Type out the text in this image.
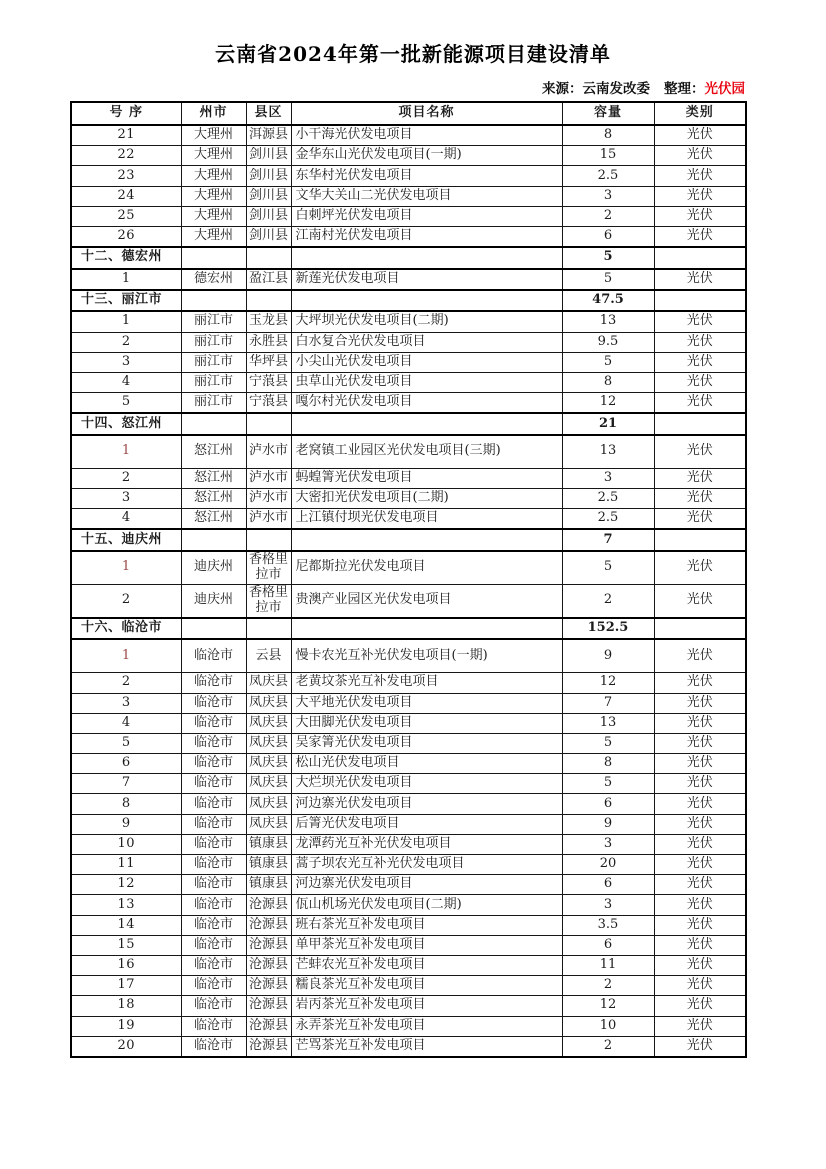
云南省2024年第一批新能源项目建设清单
来源：云南发改委 整理：光伏园
号 序	州市	县区	项目名称	容量	类别
21	大理州	洱源县	小干海光伏发电项目	8	光伏
22	大理州	剑川县	金华东山光伏发电项目(一期)	15	光伏
23	大理州	剑川县	东华村光伏发电项目	2.5	光伏
24	大理州	剑川县	文华大关山二光伏发电项目	3	光伏
25	大理州	剑川县	白刺坪光伏发电项目	2	光伏
26	大理州	剑川县	江南村光伏发电项目	6	光伏
十二、德宏州				5	
1	德宏州	盈江县	新莲光伏发电项目	5	光伏
十三、丽江市				47.5	
1	丽江市	玉龙县	大坪坝光伏发电项目(二期)	13	光伏
2	丽江市	永胜县	白水复合光伏发电项目	9.5	光伏
3	丽江市	华坪县	小尖山光伏发电项目	5	光伏
4	丽江市	宁蒗县	虫草山光伏发电项目	8	光伏
5	丽江市	宁蒗县	嘎尔村光伏发电项目	12	光伏
十四、怒江州				21	
1	怒江州	泸水市	老窝镇工业园区光伏发电项目(三期)	13	光伏
2	怒江州	泸水市	蚂蝗箐光伏发电项目	3	光伏
3	怒江州	泸水市	大密扣光伏发电项目(二期)	2.5	光伏
4	怒江州	泸水市	上江镇付坝光伏发电项目	2.5	光伏
十五、迪庆州				7	
1	迪庆州	香格里拉市	尼都斯拉光伏发电项目	5	光伏
2	迪庆州	香格里拉市	贵澳产业园区光伏发电项目	2	光伏
十六、临沧市				152.5	
1	临沧市	云县	慢卡农光互补光伏发电项目(一期)	9	光伏
2	临沧市	凤庆县	老黄坟茶光互补发电项目	12	光伏
3	临沧市	凤庆县	大平地光伏发电项目	7	光伏
4	临沧市	凤庆县	大田脚光伏发电项目	13	光伏
5	临沧市	凤庆县	吴家箐光伏发电项目	5	光伏
6	临沧市	凤庆县	松山光伏发电项目	8	光伏
7	临沧市	凤庆县	大烂坝光伏发电项目	5	光伏
8	临沧市	凤庆县	河边寨光伏发电项目	6	光伏
9	临沧市	凤庆县	后箐光伏发电项目	9	光伏
10	临沧市	镇康县	龙潭药光互补光伏发电项目	3	光伏
11	临沧市	镇康县	蒿子坝农光互补光伏发电项目	20	光伏
12	临沧市	镇康县	河边寨光伏发电项目	6	光伏
13	临沧市	沧源县	佤山机场光伏发电项目(二期)	3	光伏
14	临沧市	沧源县	班右茶光互补发电项目	3.5	光伏
15	临沧市	沧源县	单甲茶光互补发电项目	6	光伏
16	临沧市	沧源县	芒蚌农光互补发电项目	11	光伏
17	临沧市	沧源县	糯良茶光互补发电项目	2	光伏
18	临沧市	沧源县	岩丙茶光互补发电项目	12	光伏
19	临沧市	沧源县	永弄茶光互补发电项目	10	光伏
20	临沧市	沧源县	芒骂茶光互补发电项目	2	光伏
